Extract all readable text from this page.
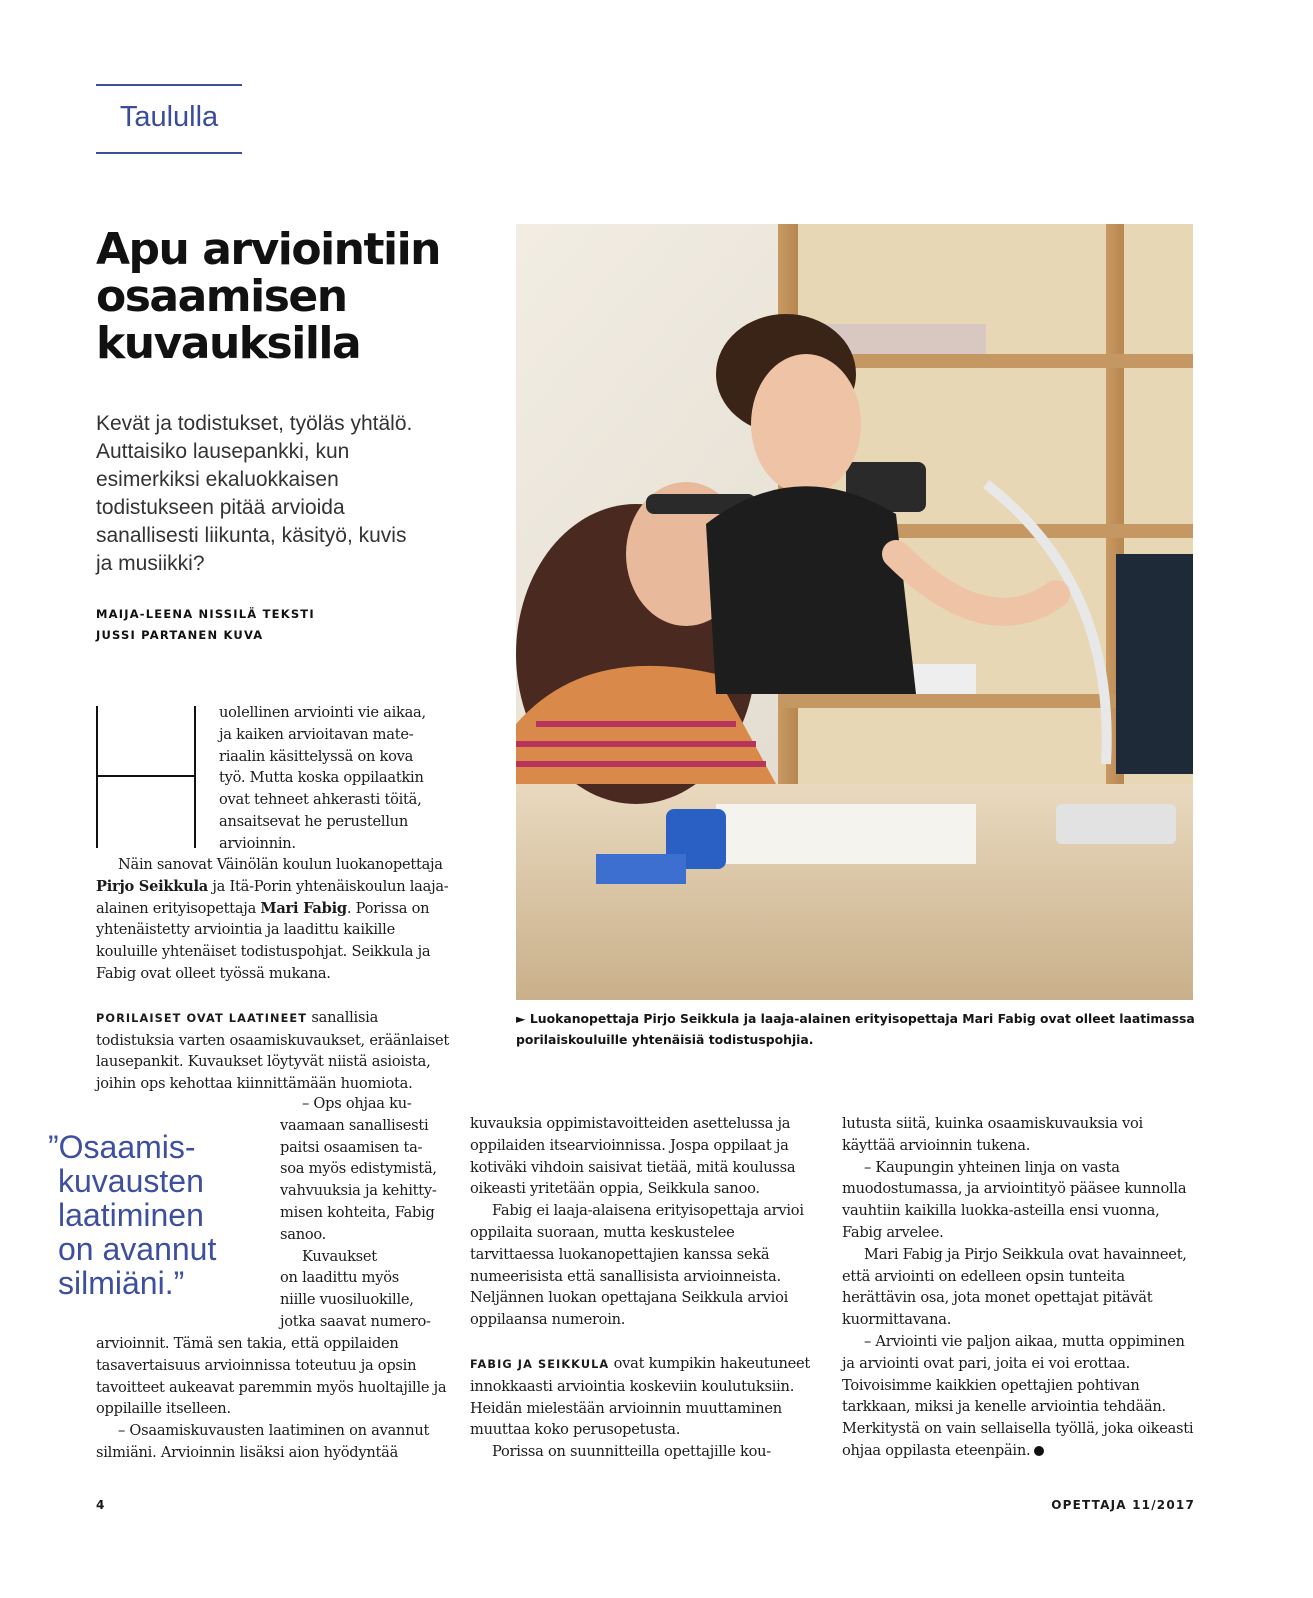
Taululla
Apu arviointiin
osaamisen
kuvauksilla

Kevät ja todistukset, työläs yhtälö. Auttaisiko lausepankki, kun esimerkiksi ekaluokkaisen todistukseen pitää arvioida sanallisesti liikunta, käsityö, kuvis ja musiikki?

MAIJA-LEENA NISSILÄ TEKSTI
JUSSI PARTANEN KUVA
uolellinen arviointi vie aikaa,
ja kaiken arvioitavan mate-
riaalin käsittelyssä on kova
työ. Mutta koska oppilaatkin
ovat tehneet ahkerasti töitä,
ansaitsevat he perustellun
arvioinnin.

Näin sanovat Väinölän koulun luokanopettaja Pirjo Seikkula ja Itä-Porin yhtenäiskoulun laaja-alainen erityisopettaja Mari Fabig. Porissa on yhtenäistetty arviointia ja laadittu kaikille kouluille yhtenäiset todistuspohjat. Seikkula ja Fabig ovat olleet työssä mukana.

PORILAISET OVAT LAATINEET sanallisia todistuksia varten osaamiskuvaukset, eräänlaiset lausepankit. Kuvaukset löytyvät niistä asioista, joihin ops kehottaa kiinnittämään huomiota.

”Osaamis-

kuvausten
laatiminen
on avannut
silmiäni.”

– Ops ohjaa ku-
vaamaan sanallisesti
paitsi osaamisen ta-
soa myös edistymistä,
vahvuuksia ja kehitty-
misen kohteita, Fabig
sanoo.
Kuvaukset
on laadittu myös
niille vuosiluokille,
jotka saavat numero-

arvioinnit. Tämä sen takia, että oppilaiden tasavertaisuus arvioinnissa toteutuu ja opsin tavoitteet aukeavat paremmin myös huoltajille ja oppilaille itselleen.

– Osaamiskuvausten laatiminen on avannut silmiäni. Arvioinnin lisäksi aion hyödyntää

► Luokanopettaja Pirjo Seikkula ja laaja-alainen erityisopettaja Mari Fabig ovat olleet laatimassa porilaiskouluille yhtenäisiä todistuspohjia.

kuvauksia oppimistavoitteiden asettelussa ja oppilaiden itsearvioinnissa. Jospa oppilaat ja kotiväki vihdoin saisivat tietää, mitä koulussa oikeasti yritetään oppia, Seikkula sanoo.

Fabig ei laaja-alaisena erityisopettaja arvioi oppilaita suoraan, mutta keskustelee tarvittaessa luokanopettajien kanssa sekä numeerisista että sanallisista arvioinneista. Neljännen luokan opettajana Seikkula arvioi oppilaansa numeroin.

FABIG JA SEIKKULA ovat kumpikin hakeutuneet innokkaasti arviointia koskeviin koulutuksiin. Heidän mielestään arvioinnin muuttaminen muuttaa koko perusopetusta.

Porissa on suunnitteilla opettajille kou-

lutusta siitä, kuinka osaamiskuvauksia voi käyttää arvioinnin tukena.

– Kaupungin yhteinen linja on vasta muodostumassa, ja arviointityö pääsee kunnolla vauhtiin kaikilla luokka-asteilla ensi vuonna, Fabig arvelee.

Mari Fabig ja Pirjo Seikkula ovat havainneet, että arviointi on edelleen opsin tunteita herättävin osa, jota monet opettajat pitävät kuormittavana.

– Arviointi vie paljon aikaa, mutta oppiminen ja arviointi ovat pari, joita ei voi erottaa. Toivoisimme kaikkien opettajien pohtivan tarkkaan, miksi ja kenelle arviointia tehdään. Merkitystä on vain sellaisella työllä, joka oikeasti ohjaa oppilasta eteenpäin.

4	OPETTAJA 11/2017
